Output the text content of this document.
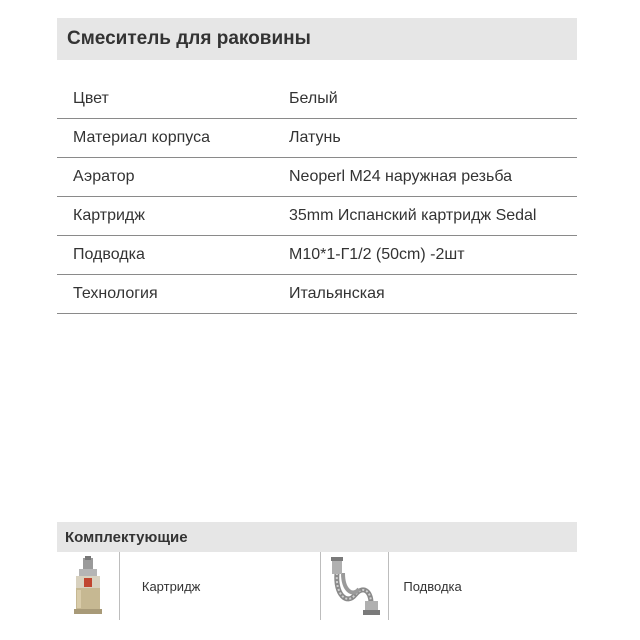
Смеситель для раковины
Цвет	Белый
Материал корпуса	Латунь
Аэратор	Neoperl M24 наружная резьба
Картридж	35mm Испанский картридж Sedal
Подводка	M10*1-Г1/2 (50cm) -2шт
Технология	Итальянская
Комплектующие
Картридж	Подводка
